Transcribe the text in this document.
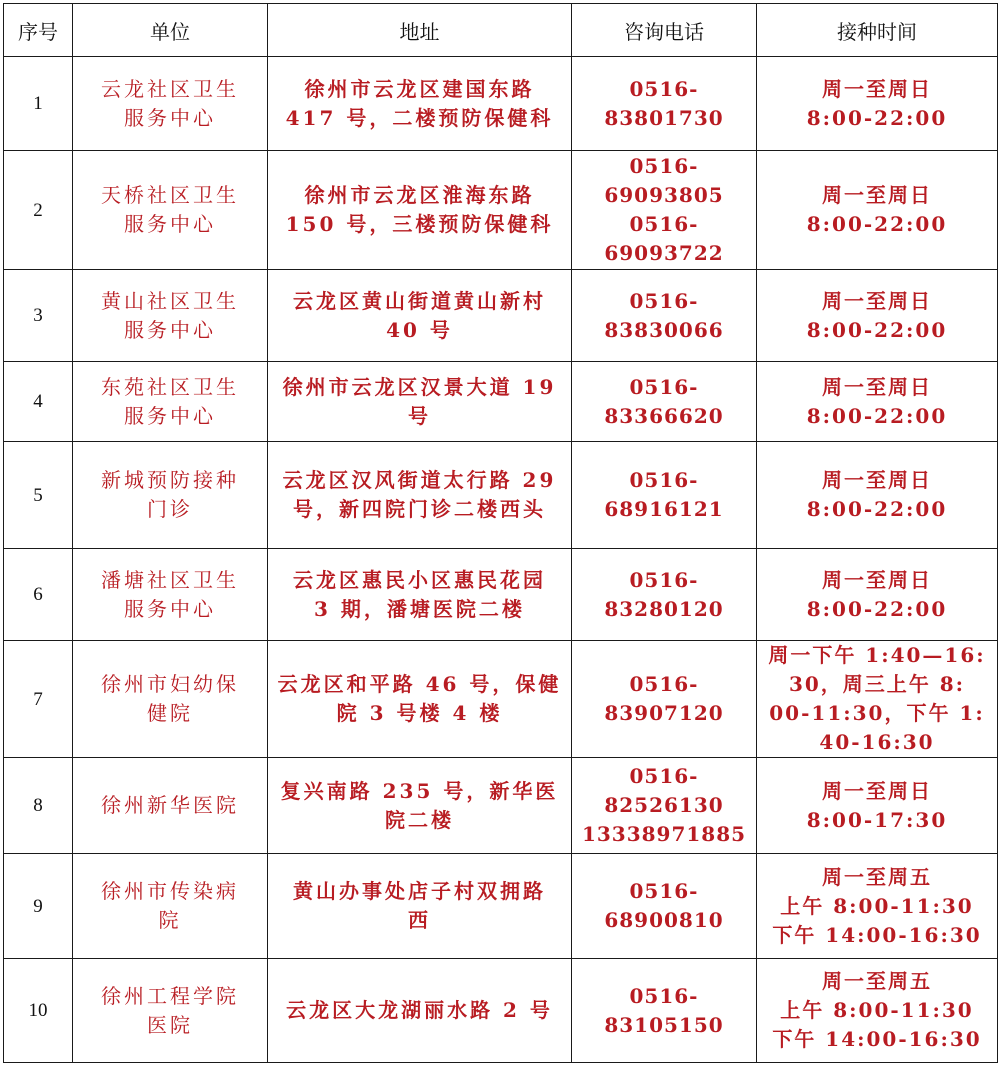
序号	单位	地址	咨询电话	接种时间
1	云龙社区卫生
服务中心	徐州市云龙区建国东路
417 号，二楼预防保健科	0516-83801730	周一至周日
8:00-22:00

2	天桥社区卫生
服务中心	徐州市云龙区淮海东路
150 号，三楼预防保健科	0516-69093805
0516-69093722	周一至周日
8:00-22:00

3	黄山社区卫生
服务中心	云龙区黄山街道黄山新村
40 号	0516-83830066	周一至周日
8:00-22:00

4	东苑社区卫生
服务中心	徐州市云龙区汉景大道 19
号	0516-83366620	周一至周日
8:00-22:00

5	新城预防接种
门诊	云龙区汉风街道太行路 29
号，新四院门诊二楼西头	0516-68916121	周一至周日
8:00-22:00

6	潘塘社区卫生
服务中心	云龙区惠民小区惠民花园
3 期，潘塘医院二楼	0516-83280120	周一至周日
8:00-22:00

7	徐州市妇幼保
健院	云龙区和平路 46 号，保健
院 3 号楼 4 楼	0516-83907120	周一下午 1:40—16:
30，周三上午 8:
00-11:30，下午 1:
40-16:30

8	徐州新华医院	复兴南路 235 号，新华医
院二楼	0516-82526130
13338971885	周一至周日
8:00-17:30

9	徐州市传染病
院	黄山办事处店子村双拥路
西	0516-68900810	周一至周五
上午 8:00-11:30
下午 14:00-16:30

10	徐州工程学院
医院	云龙区大龙湖丽水路 2 号	0516-83105150	周一至周五
上午 8:00-11:30
下午 14:00-16:30
